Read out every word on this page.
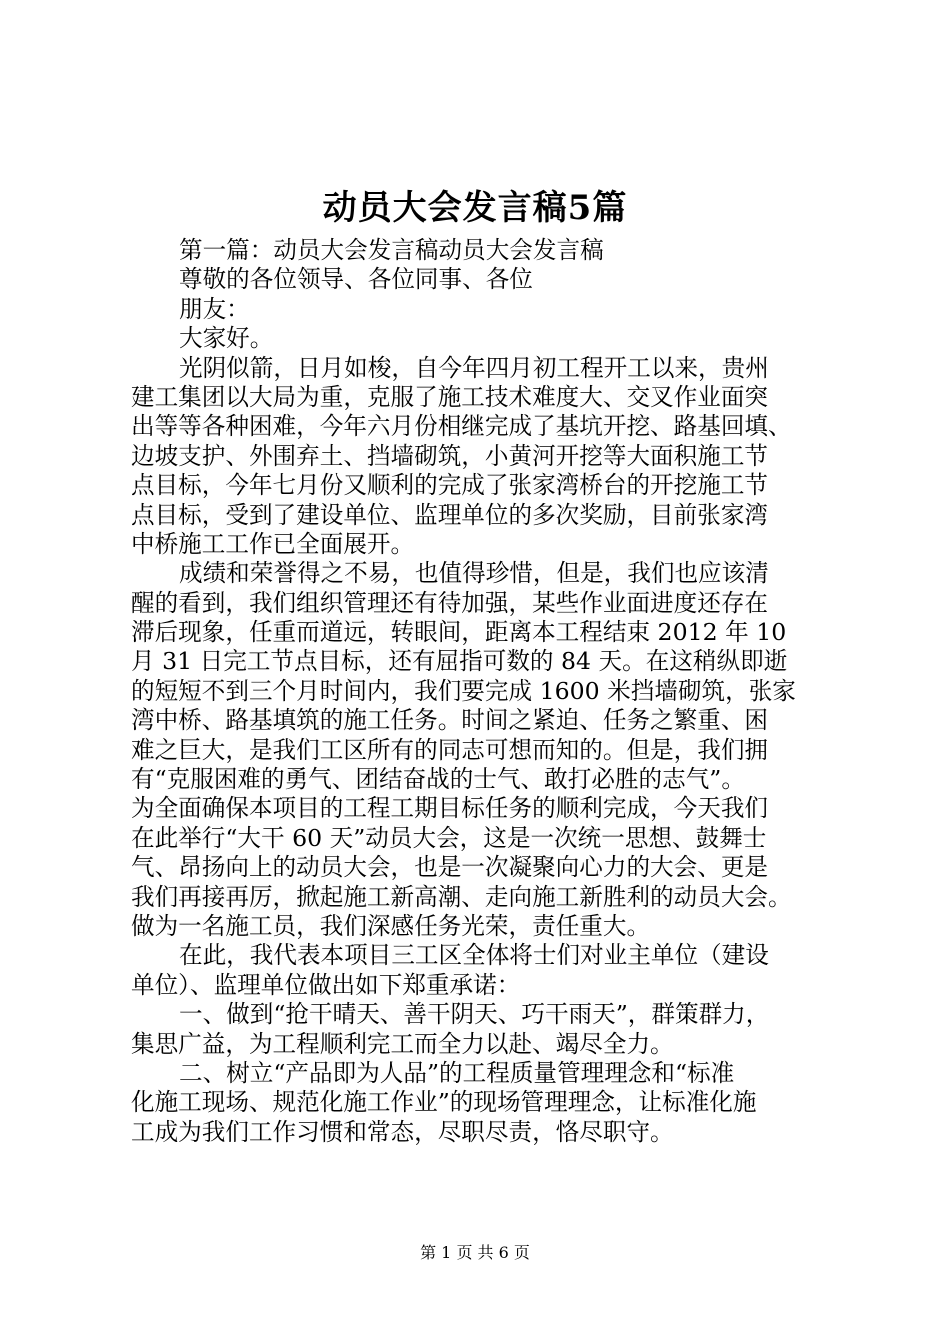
动员大会发言稿5篇
第一篇：动员大会发言稿动员大会发言稿
尊敬的各位领导、各位同事、各位
朋友：
大家好。
光阴似箭，日月如梭，自今年四月初工程开工以来，贵州
建工集团以大局为重，克服了施工技术难度大、交叉作业面突
出等等各种困难，今年六月份相继完成了基坑开挖、路基回填、
边坡支护、外围弃土、挡墙砌筑，小黄河开挖等大面积施工节
点目标，今年七月份又顺利的完成了张家湾桥台的开挖施工节
点目标，受到了建设单位、监理单位的多次奖励，目前张家湾
中桥施工工作已全面展开。
成绩和荣誉得之不易，也值得珍惜，但是，我们也应该清
醒的看到，我们组织管理还有待加强，某些作业面进度还存在
滞后现象，任重而道远，转眼间，距离本工程结束 2012 年 10
月 31 日完工节点目标，还有屈指可数的 84 天。在这稍纵即逝
的短短不到三个月时间内，我们要完成 1600 米挡墙砌筑，张家
湾中桥、路基填筑的施工任务。时间之紧迫、任务之繁重、困
难之巨大，是我们工区所有的同志可想而知的。但是，我们拥
有“克服困难的勇气、团结奋战的士气、敢打必胜的志气”。
为全面确保本项目的工程工期目标任务的顺利完成，今天我们
在此举行“大干 60 天”动员大会，这是一次统一思想、鼓舞士
气、昂扬向上的动员大会，也是一次凝聚向心力的大会、更是
我们再接再厉，掀起施工新高潮、走向施工新胜利的动员大会。
做为一名施工员，我们深感任务光荣，责任重大。
在此，我代表本项目三工区全体将士们对业主单位（建设
单位）、监理单位做出如下郑重承诺：
一、做到“抢干晴天、善干阴天、巧干雨天”，群策群力，
集思广益，为工程顺利完工而全力以赴、竭尽全力。
二、树立“产品即为人品”的工程质量管理理念和“标准
化施工现场、规范化施工作业”的现场管理理念，让标准化施
工成为我们工作习惯和常态，尽职尽责，恪尽职守。
第 1 页 共 6 页
